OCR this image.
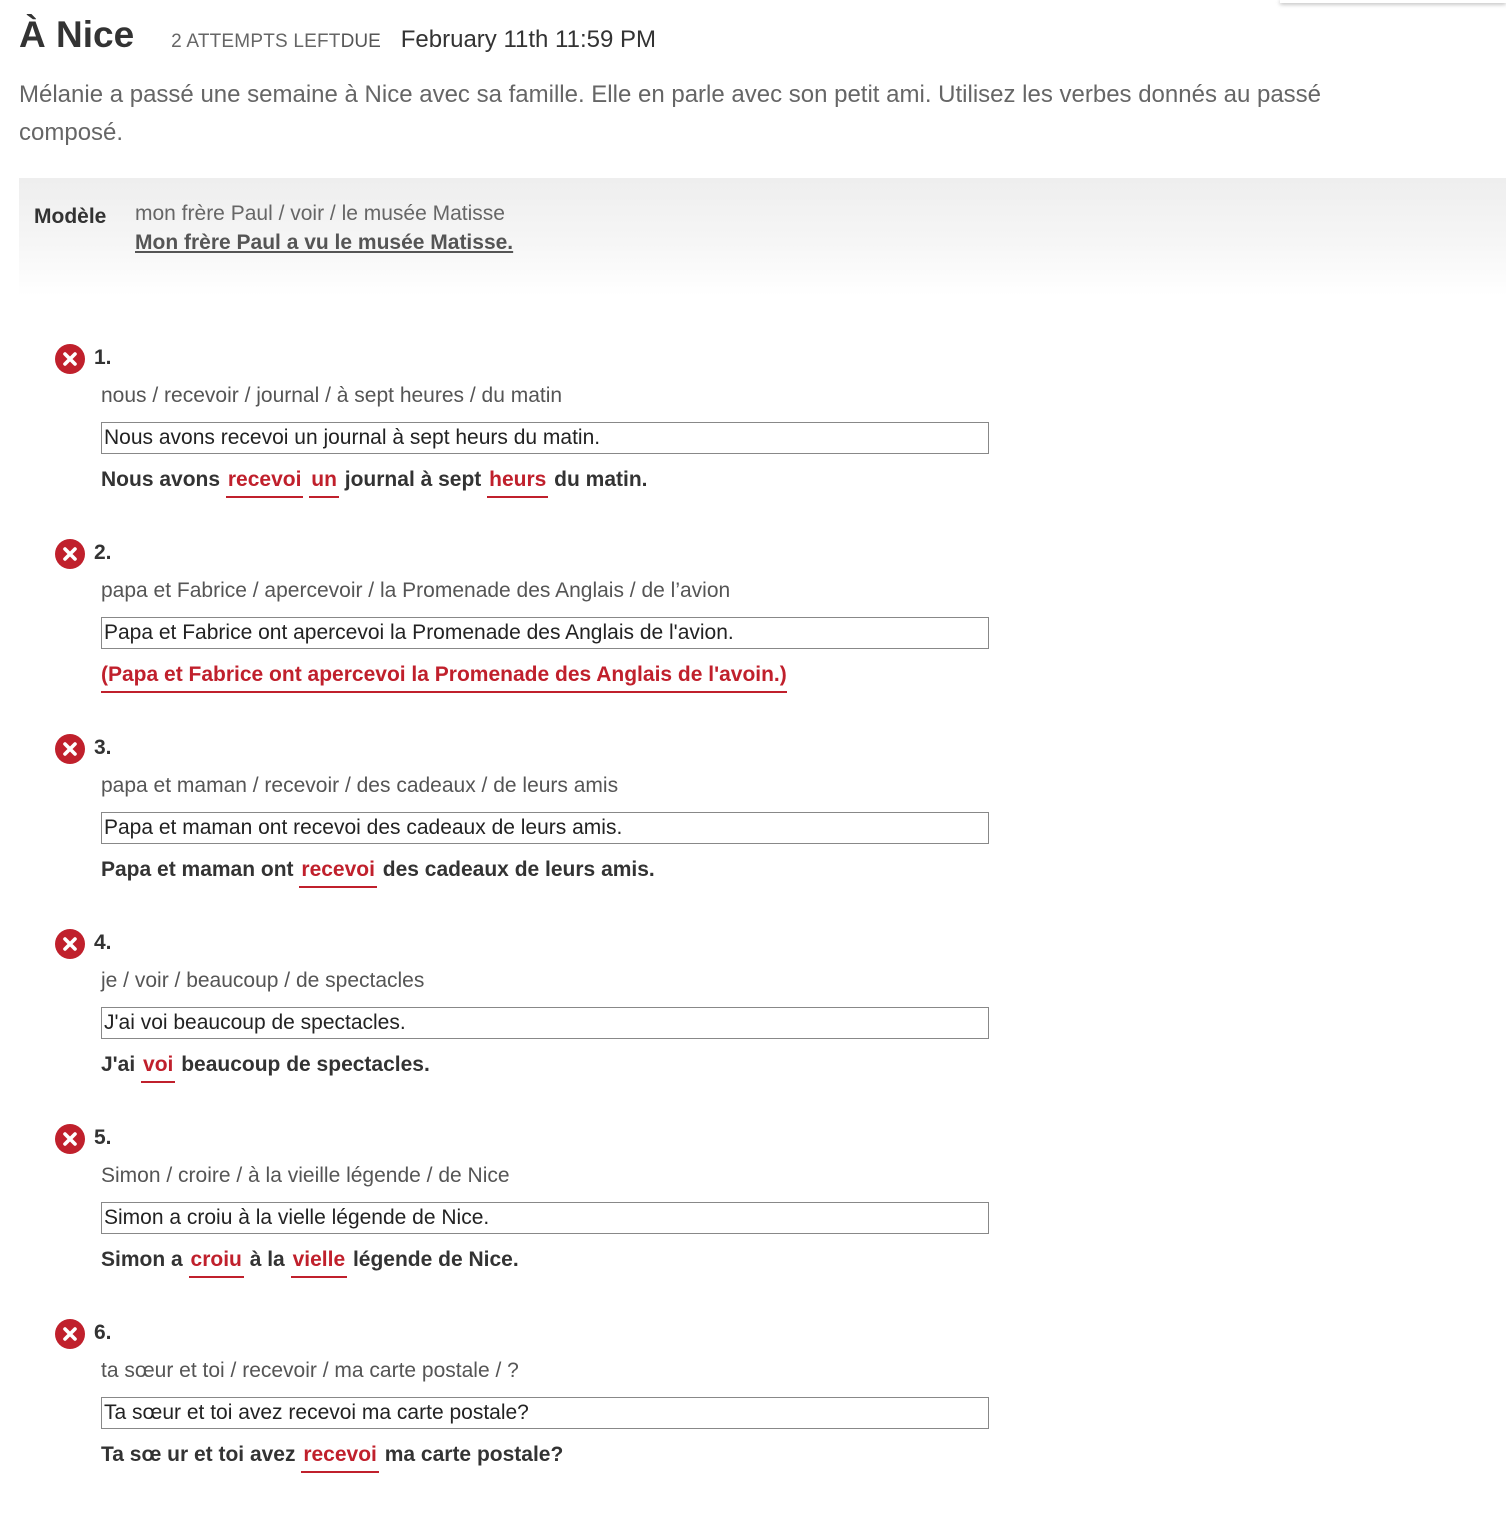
À Nice 2 ATTEMPTS LEFT DUE February 11th 11:59 PM
Mélanie a passé une semaine à Nice avec sa famille. Elle en parle avec son petit ami. Utilisez les verbes donnés au passé composé.
Modèle mon frère Paul / voir / le musée Matisse
Mon frère Paul a vu le musée Matisse.
1.
nous / recevoir / journal / à sept heures / du matin
Nous avons recevoi un journal à sept heurs du matin.
Nous avons recevoi un journal à sept heurs du matin.
2.
papa et Fabrice / apercevoir / la Promenade des Anglais / de l’avion
Papa et Fabrice ont apercevoi la Promenade des Anglais de l'avion.
(Papa et Fabrice ont apercevoi la Promenade des Anglais de l'avoin.)
3.
papa et maman / recevoir / des cadeaux / de leurs amis
Papa et maman ont recevoi des cadeaux de leurs amis.
Papa et maman ont recevoi des cadeaux de leurs amis.
4.
je / voir / beaucoup / de spectacles
J'ai voi beaucoup de spectacles.
J'ai voi beaucoup de spectacles.
5.
Simon / croire / à la vieille légende / de Nice
Simon a croiu à la vielle légende de Nice.
Simon a croiu à la vielle légende de Nice.
6.
ta sœur et toi / recevoir / ma carte postale / ?
Ta sœur et toi avez recevoi ma carte postale?
Ta sœ ur et toi avez recevoi ma carte postale?
